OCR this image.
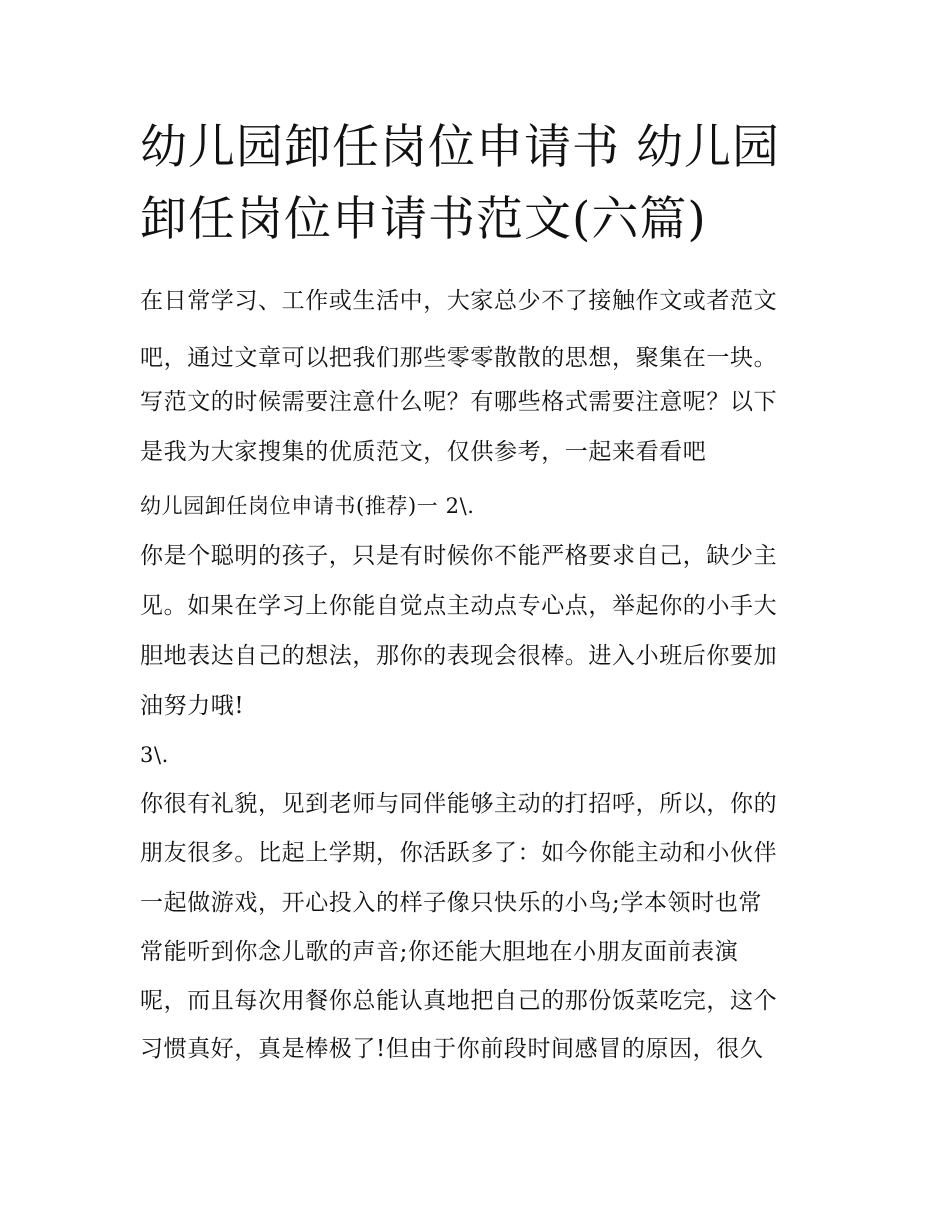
幼儿园卸任岗位申请书 幼儿园卸任岗位申请书范文(六篇)

在日常学习、工作或生活中，大家总少不了接触作文或者范文

吧，通过文章可以把我们那些零零散散的思想，聚集在一块。

写范文的时候需要注意什么呢？有哪些格式需要注意呢？以下

是我为大家搜集的优质范文，仅供参考，一起来看看吧

幼儿园卸任岗位申请书(推荐)一 2\.

你是个聪明的孩子，只是有时候你不能严格要求自己，缺少主

见。如果在学习上你能自觉点主动点专心点，举起你的小手大

胆地表达自己的想法，那你的表现会很棒。进入小班后你要加

油努力哦!

3\.

你很有礼貌，见到老师与同伴能够主动的打招呼，所以，你的

朋友很多。比起上学期，你活跃多了：如今你能主动和小伙伴

一起做游戏，开心投入的样子像只快乐的小鸟;学本领时也常

常能听到你念儿歌的声音;你还能大胆地在小朋友面前表演

呢，而且每次用餐你总能认真地把自己的那份饭菜吃完，这个

习惯真好，真是棒极了!但由于你前段时间感冒的原因，很久
